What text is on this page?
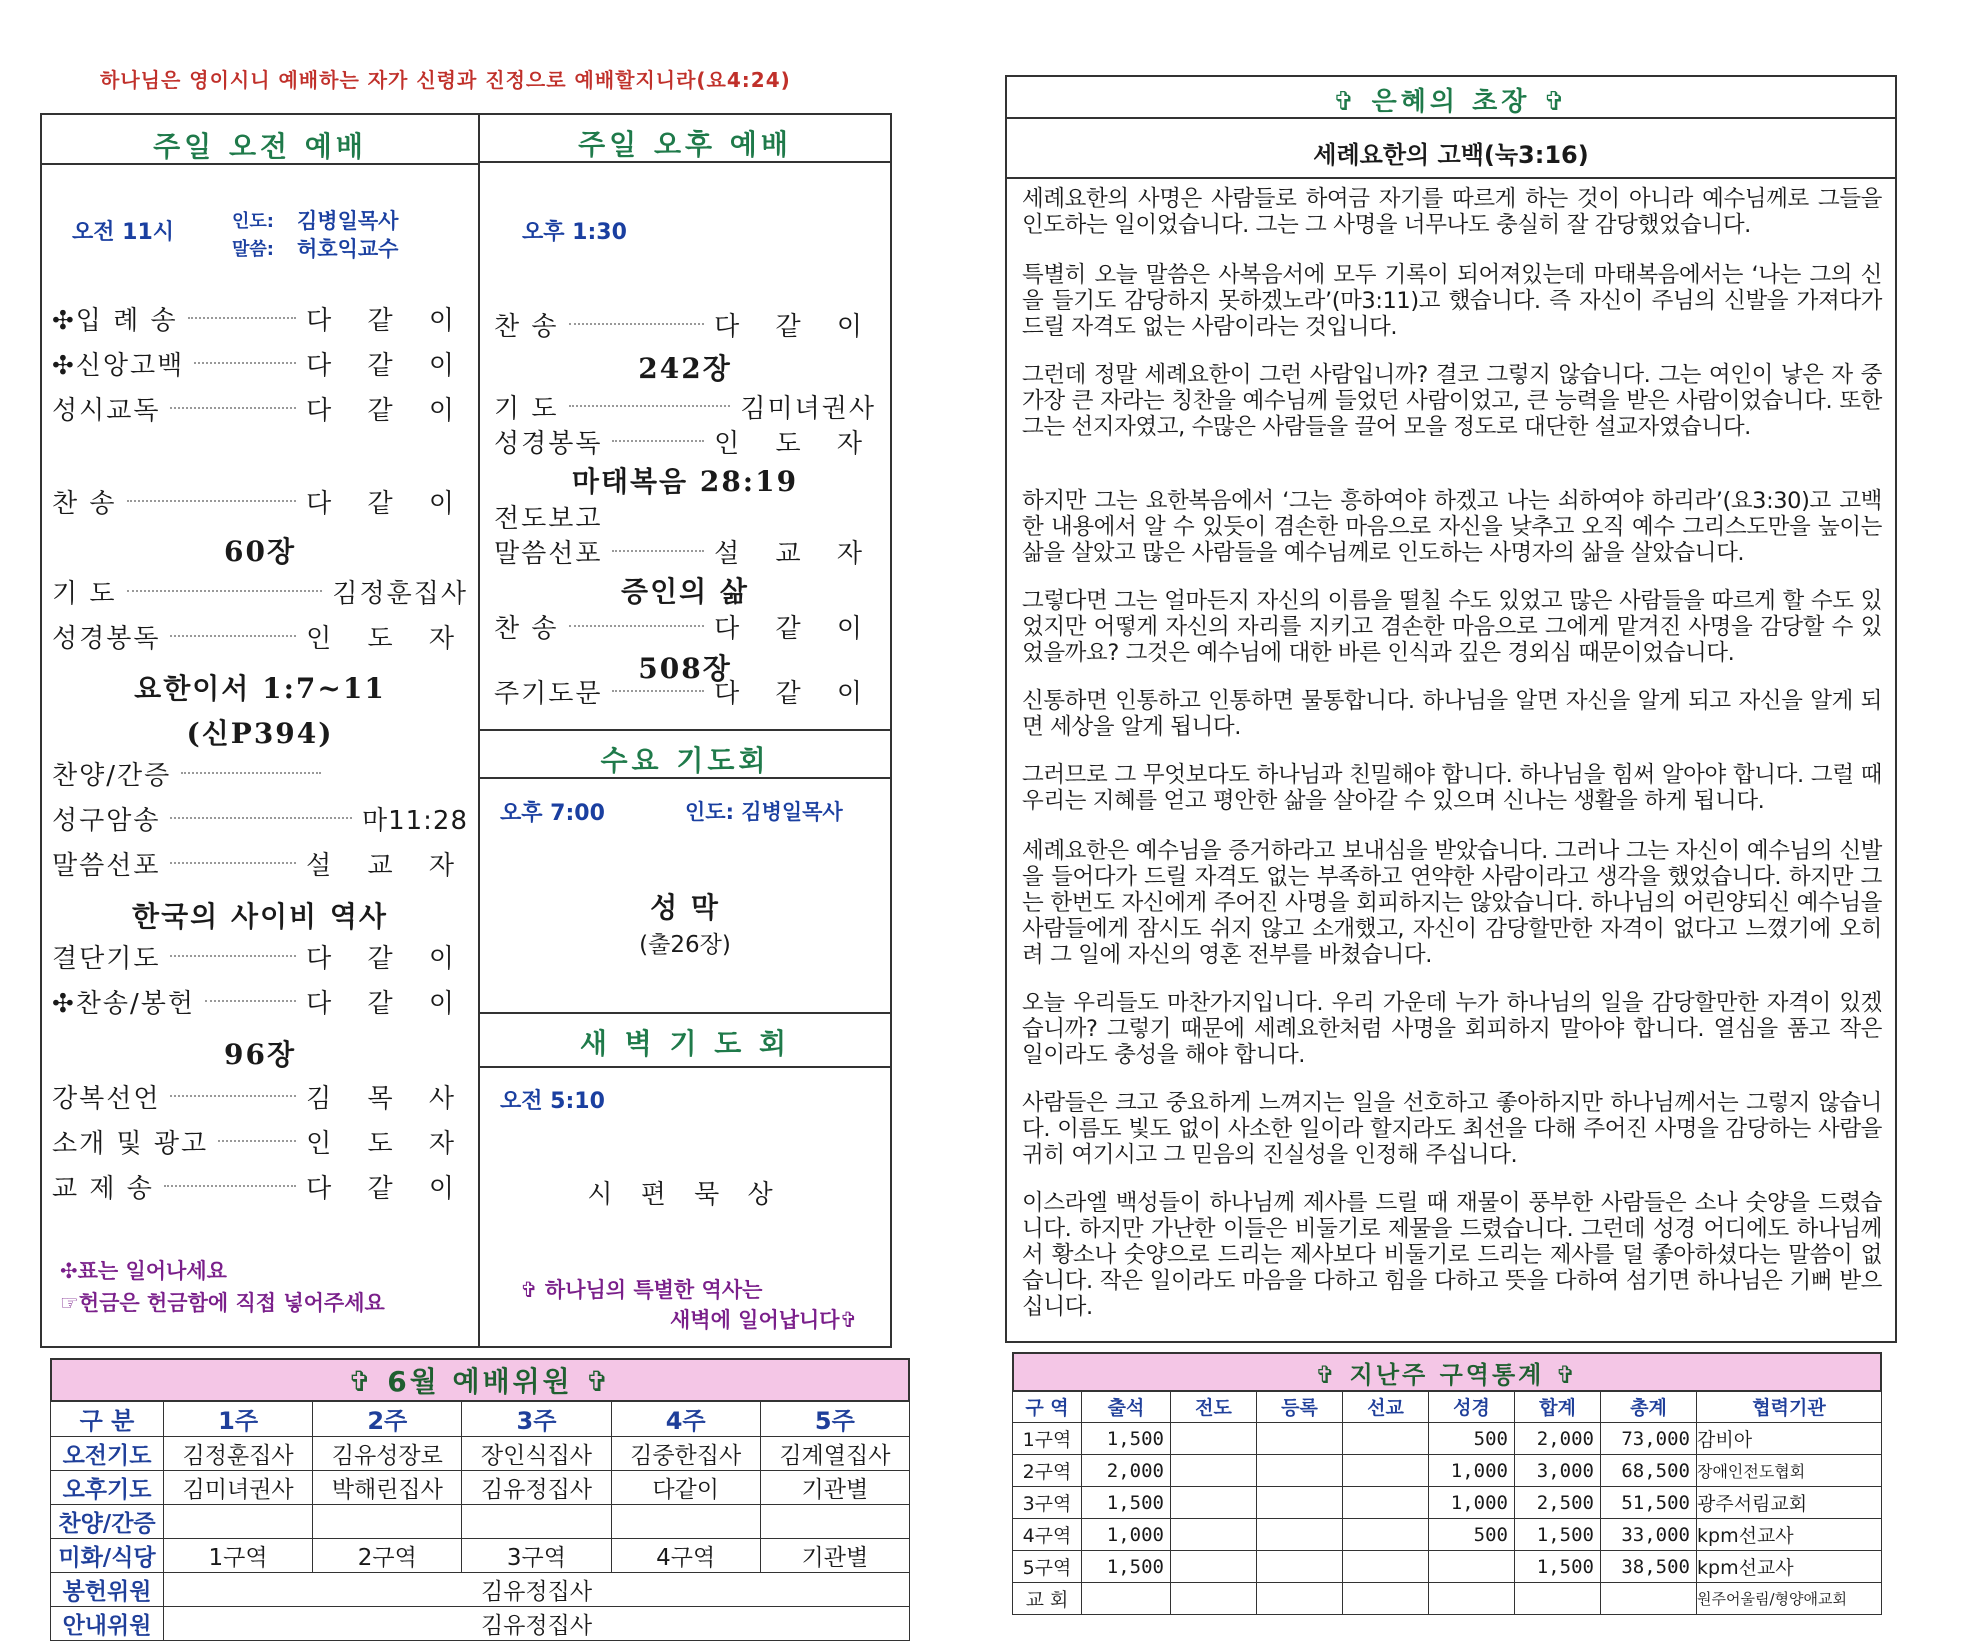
하나님은 영이시니 예배하는 자가 신령과 진정으로 예배할지니라(요4:24)
주일 오전 예배
오전 11시	인도: 김병일목사
말씀: 허호익교수
✣입 례 송	다 같 이
✣신앙고백	다 같 이
성시교독	다 같 이
찬 송	다 같 이
60장
기 도	김정훈집사
성경봉독	인 도 자
요한이서 1:7~11
(신P394)
찬양/간증
성구암송	마11:28
말씀선포	설 교 자
한국의 사이비 역사
결단기도	다 같 이
✣찬송/봉헌	다 같 이
96장
강복선언	김 목 사
소개 및 광고	인 도 자
교 제 송	다 같 이
✣표는 일어나세요
☞헌금은 헌금함에 직접 넣어주세요
주일 오후 예배
오후 1:30
찬 송	다 같 이
242장
기 도	김미녀권사
성경봉독	인 도 자
마태복음 28:19
전도보고
말씀선포	설 교 자
증인의 삶
찬 송	다 같 이
508장
주기도문	다 같 이
수요 기도회
오후 7:00	인도: 김병일목사
성 막
(출26장)
새 벽 기 도 회
오전 5:10
시 편 묵 상
✞ 하나님의 특별한 역사는
새벽에 일어납니다✞
✞ 6월 예배위원 ✞
구 분	1주	2주	3주	4주	5주
오전기도	김정훈집사	김유성장로	장인식집사	김중한집사	김계열집사
오후기도	김미녀권사	박해린집사	김유정집사	다같이	기관별
찬양/간증					
미화/식당	1구역	2구역	3구역	4구역	기관별
봉헌위원	김유정집사				
안내위원	김유정집사				
✞ 은혜의 초장 ✞
세례요한의 고백(눅3:16)
세례요한의 사명은 사람들로 하여금 자기를 따르게 하는 것이 아니라 예수님께로 그들을 인도하는 일이었습니다. 그는 그 사명을 너무나도 충실히 잘 감당했었습니다.
특별히 오늘 말씀은 사복음서에 모두 기록이 되어져있는데 마태복음에서는 ‘나는 그의 신을 들기도 감당하지 못하겠노라’(마3:11)고 했습니다. 즉 자신이 주님의 신발을 가져다가 드릴 자격도 없는 사람이라는 것입니다.
그런데 정말 세례요한이 그런 사람입니까? 결코 그렇지 않습니다. 그는 여인이 낳은 자 중 가장 큰 자라는 칭찬을 예수님께 들었던 사람이었고, 큰 능력을 받은 사람이었습니다. 또한 그는 선지자였고, 수많은 사람들을 끌어 모을 정도로 대단한 설교자였습니다.
하지만 그는 요한복음에서 ‘그는 흥하여야 하겠고 나는 쇠하여야 하리라’(요3:30)고 고백한 내용에서 알 수 있듯이 겸손한 마음으로 자신을 낮추고 오직 예수 그리스도만을 높이는 삶을 살았고 많은 사람들을 예수님께로 인도하는 사명자의 삶을 살았습니다.
그렇다면 그는 얼마든지 자신의 이름을 떨칠 수도 있었고 많은 사람들을 따르게 할 수도 있었지만 어떻게 자신의 자리를 지키고 겸손한 마음으로 그에게 맡겨진 사명을 감당할 수 있었을까요? 그것은 예수님에 대한 바른 인식과 깊은 경외심 때문이었습니다.
신통하면 인통하고 인통하면 물통합니다. 하나님을 알면 자신을 알게 되고 자신을 알게 되면 세상을 알게 됩니다.
그러므로 그 무엇보다도 하나님과 친밀해야 합니다. 하나님을 힘써 알아야 합니다. 그럴 때 우리는 지혜를 얻고 평안한 삶을 살아갈 수 있으며 신나는 생활을 하게 됩니다.
세례요한은 예수님을 증거하라고 보내심을 받았습니다. 그러나 그는 자신이 예수님의 신발을 들어다가 드릴 자격도 없는 부족하고 연약한 사람이라고 생각을 했었습니다. 하지만 그는 한번도 자신에게 주어진 사명을 회피하지는 않았습니다. 하나님의 어린양되신 예수님을 사람들에게 잠시도 쉬지 않고 소개했고, 자신이 감당할만한 자격이 없다고 느꼈기에 오히려 그 일에 자신의 영혼 전부를 바쳤습니다.
오늘 우리들도 마찬가지입니다. 우리 가운데 누가 하나님의 일을 감당할만한 자격이 있겠습니까? 그렇기 때문에 세례요한처럼 사명을 회피하지 말아야 합니다. 열심을 품고 작은 일이라도 충성을 해야 합니다.
사람들은 크고 중요하게 느껴지는 일을 선호하고 좋아하지만 하나님께서는 그렇지 않습니다. 이름도 빛도 없이 사소한 일이라 할지라도 최선을 다해 주어진 사명을 감당하는 사람을 귀히 여기시고 그 믿음의 진실성을 인정해 주십니다.
이스라엘 백성들이 하나님께 제사를 드릴 때 재물이 풍부한 사람들은 소나 숫양을 드렸습니다. 하지만 가난한 이들은 비둘기로 제물을 드렸습니다. 그런데 성경 어디에도 하나님께서 황소나 숫양으로 드리는 제사보다 비둘기로 드리는 제사를 덜 좋아하셨다는 말씀이 없습니다. 작은 일이라도 마음을 다하고 힘을 다하고 뜻을 다하여 섬기면 하나님은 기뻐 받으십니다.
✞ 지난주 구역통계 ✞
구 역	출석	전도	등록	선교	성경	합계	총계	협력기관
1구역	1,500				500	2,000	73,000	감비아
2구역	2,000				1,000	3,000	68,500	장애인전도협회
3구역	1,500				1,000	2,500	51,500	광주서림교회
4구역	1,000				500	1,500	33,000	kpm선교사
5구역	1,500					1,500	38,500	kpm선교사
교 회								원주어울림/형양애교회
